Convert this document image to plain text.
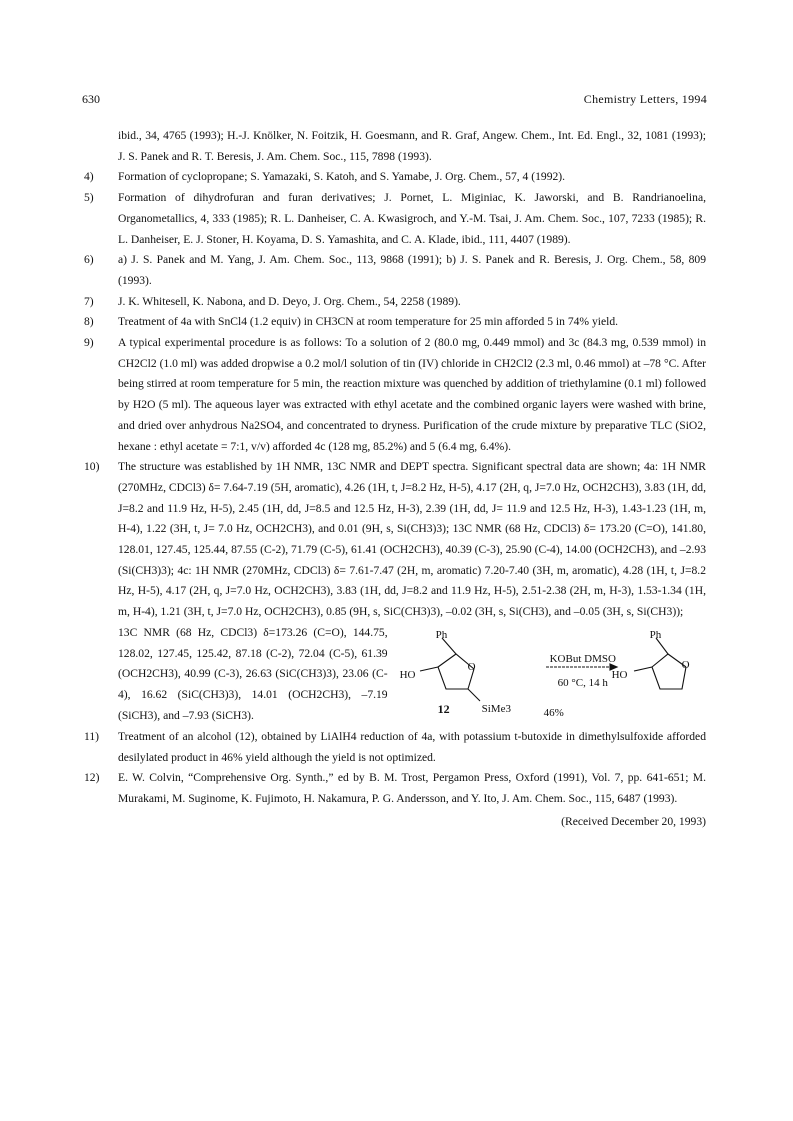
630	Chemistry Letters, 1994

ibid., 34, 4765 (1993); H.-J. Knölker, N. Foitzik, H. Goesmann, and R. Graf, Angew. Chem., Int. Ed. Engl., 32, 1081 (1993); J. S. Panek and R. T. Beresis, J. Am. Chem. Soc., 115, 7898 (1993).

4) Formation of cyclopropane; S. Yamazaki, S. Katoh, and S. Yamabe, J. Org. Chem., 57, 4 (1992).

5) Formation of dihydrofuran and furan derivatives; J. Pornet, L. Miginiac, K. Jaworski, and B. Randrianoelina, Organometallics, 4, 333 (1985); R. L. Danheiser, C. A. Kwasigroch, and Y.-M. Tsai, J. Am. Chem. Soc., 107, 7233 (1985); R. L. Danheiser, E. J. Stoner, H. Koyama, D. S. Yamashita, and C. A. Klade, ibid., 111, 4407 (1989).

6) a) J. S. Panek and M. Yang, J. Am. Chem. Soc., 113, 9868 (1991); b) J. S. Panek and R. Beresis, J. Org. Chem., 58, 809 (1993).

7) J. K. Whitesell, K. Nabona, and D. Deyo, J. Org. Chem., 54, 2258 (1989).

8) Treatment of 4a with SnCl4 (1.2 equiv) in CH3CN at room temperature for 25 min afforded 5 in 74% yield.

9) A typical experimental procedure is as follows: To a solution of 2 (80.0 mg, 0.449 mmol) and 3c (84.3 mg, 0.539 mmol) in CH2Cl2 (1.0 ml) was added dropwise a 0.2 mol/l solution of tin (IV) chloride in CH2Cl2 (2.3 ml, 0.46 mmol) at –78 °C. After being stirred at room temperature for 5 min, the reaction mixture was quenched by addition of triethylamine (0.1 ml) followed by H2O (5 ml). The aqueous layer was extracted with ethyl acetate and the combined organic layers were washed with brine, and dried over anhydrous Na2SO4, and concentrated to dryness. Purification of the crude mixture by preparative TLC (SiO2, hexane : ethyl acetate = 7:1, v/v) afforded 4c (128 mg, 85.2%) and 5 (6.4 mg, 6.4%).

10) The structure was established by 1H NMR, 13C NMR and DEPT spectra. Significant spectral data are shown; 4a: 1H NMR (270MHz, CDCl3) δ= 7.64-7.19 (5H, aromatic), 4.26 (1H, t, J=8.2 Hz, H-5), 4.17 (2H, q, J=7.0 Hz, OCH2CH3), 3.83 (1H, dd, J=8.2 and 11.9 Hz, H-5), 2.45 (1H, dd, J=8.5 and 12.5 Hz, H-3), 2.39 (1H, dd, J= 11.9 and 12.5 Hz, H-3), 1.43-1.23 (1H, m, H-4), 1.22 (3H, t, J= 7.0 Hz, OCH2CH3), and 0.01 (9H, s, Si(CH3)3); 13C NMR (68 Hz, CDCl3) δ= 173.20 (C=O), 141.80, 128.01, 127.45, 125.44, 87.55 (C-2), 71.79 (C-5), 61.41 (OCH2CH3), 40.39 (C-3), 25.90 (C-4), 14.00 (OCH2CH3), and –2.93 (Si(CH3)3); 4c: 1H NMR (270MHz, CDCl3) δ= 7.61-7.47 (2H, m, aromatic) 7.20-7.40 (3H, m, aromatic), 4.28 (1H, t, J=8.2 Hz, H-5), 4.17 (2H, q, J=7.0 Hz, OCH2CH3), 3.83 (1H, dd, J=8.2 and 11.9 Hz, H-5), 2.51-2.38 (2H, m, H-3), 1.53-1.34 (1H, m, H-4), 1.21 (3H, t, J=7.0 Hz, OCH2CH3), 0.85 (9H, s, SiC(CH3)3), –0.02 (3H, s, Si(CH3), and –0.05 (3H, s, Si(CH3));
13C NMR (68 Hz, CDCl3) δ=173.26 (C=O), 144.75, 128.02, 127.45, 125.42, 87.18 (C-2), 72.04 (C-5), 61.39 (OCH2CH3), 40.99 (C-3), 26.63 (SiC(CH3)3), 23.06 (C-4), 16.62 (SiC(CH3)3), 14.01 (OCH2CH3), –7.19 (SiCH3), and –7.93 (SiCH3).
Ph
HO
O
SiMe3
12
KOBut DMSO
60 °C, 14 h
46%
Ph
HO
O

11) Treatment of an alcohol (12), obtained by LiAlH4 reduction of 4a, with potassium t-butoxide in dimethylsulfoxide afforded desilylated product in 46% yield although the yield is not optimized.

12) E. W. Colvin, “Comprehensive Org. Synth.,” ed by B. M. Trost, Pergamon Press, Oxford (1991), Vol. 7, pp. 641-651; M. Murakami, M. Suginome, K. Fujimoto, H. Nakamura, P. G. Andersson, and Y. Ito, J. Am. Chem. Soc., 115, 6487 (1993).

(Received December 20, 1993)
